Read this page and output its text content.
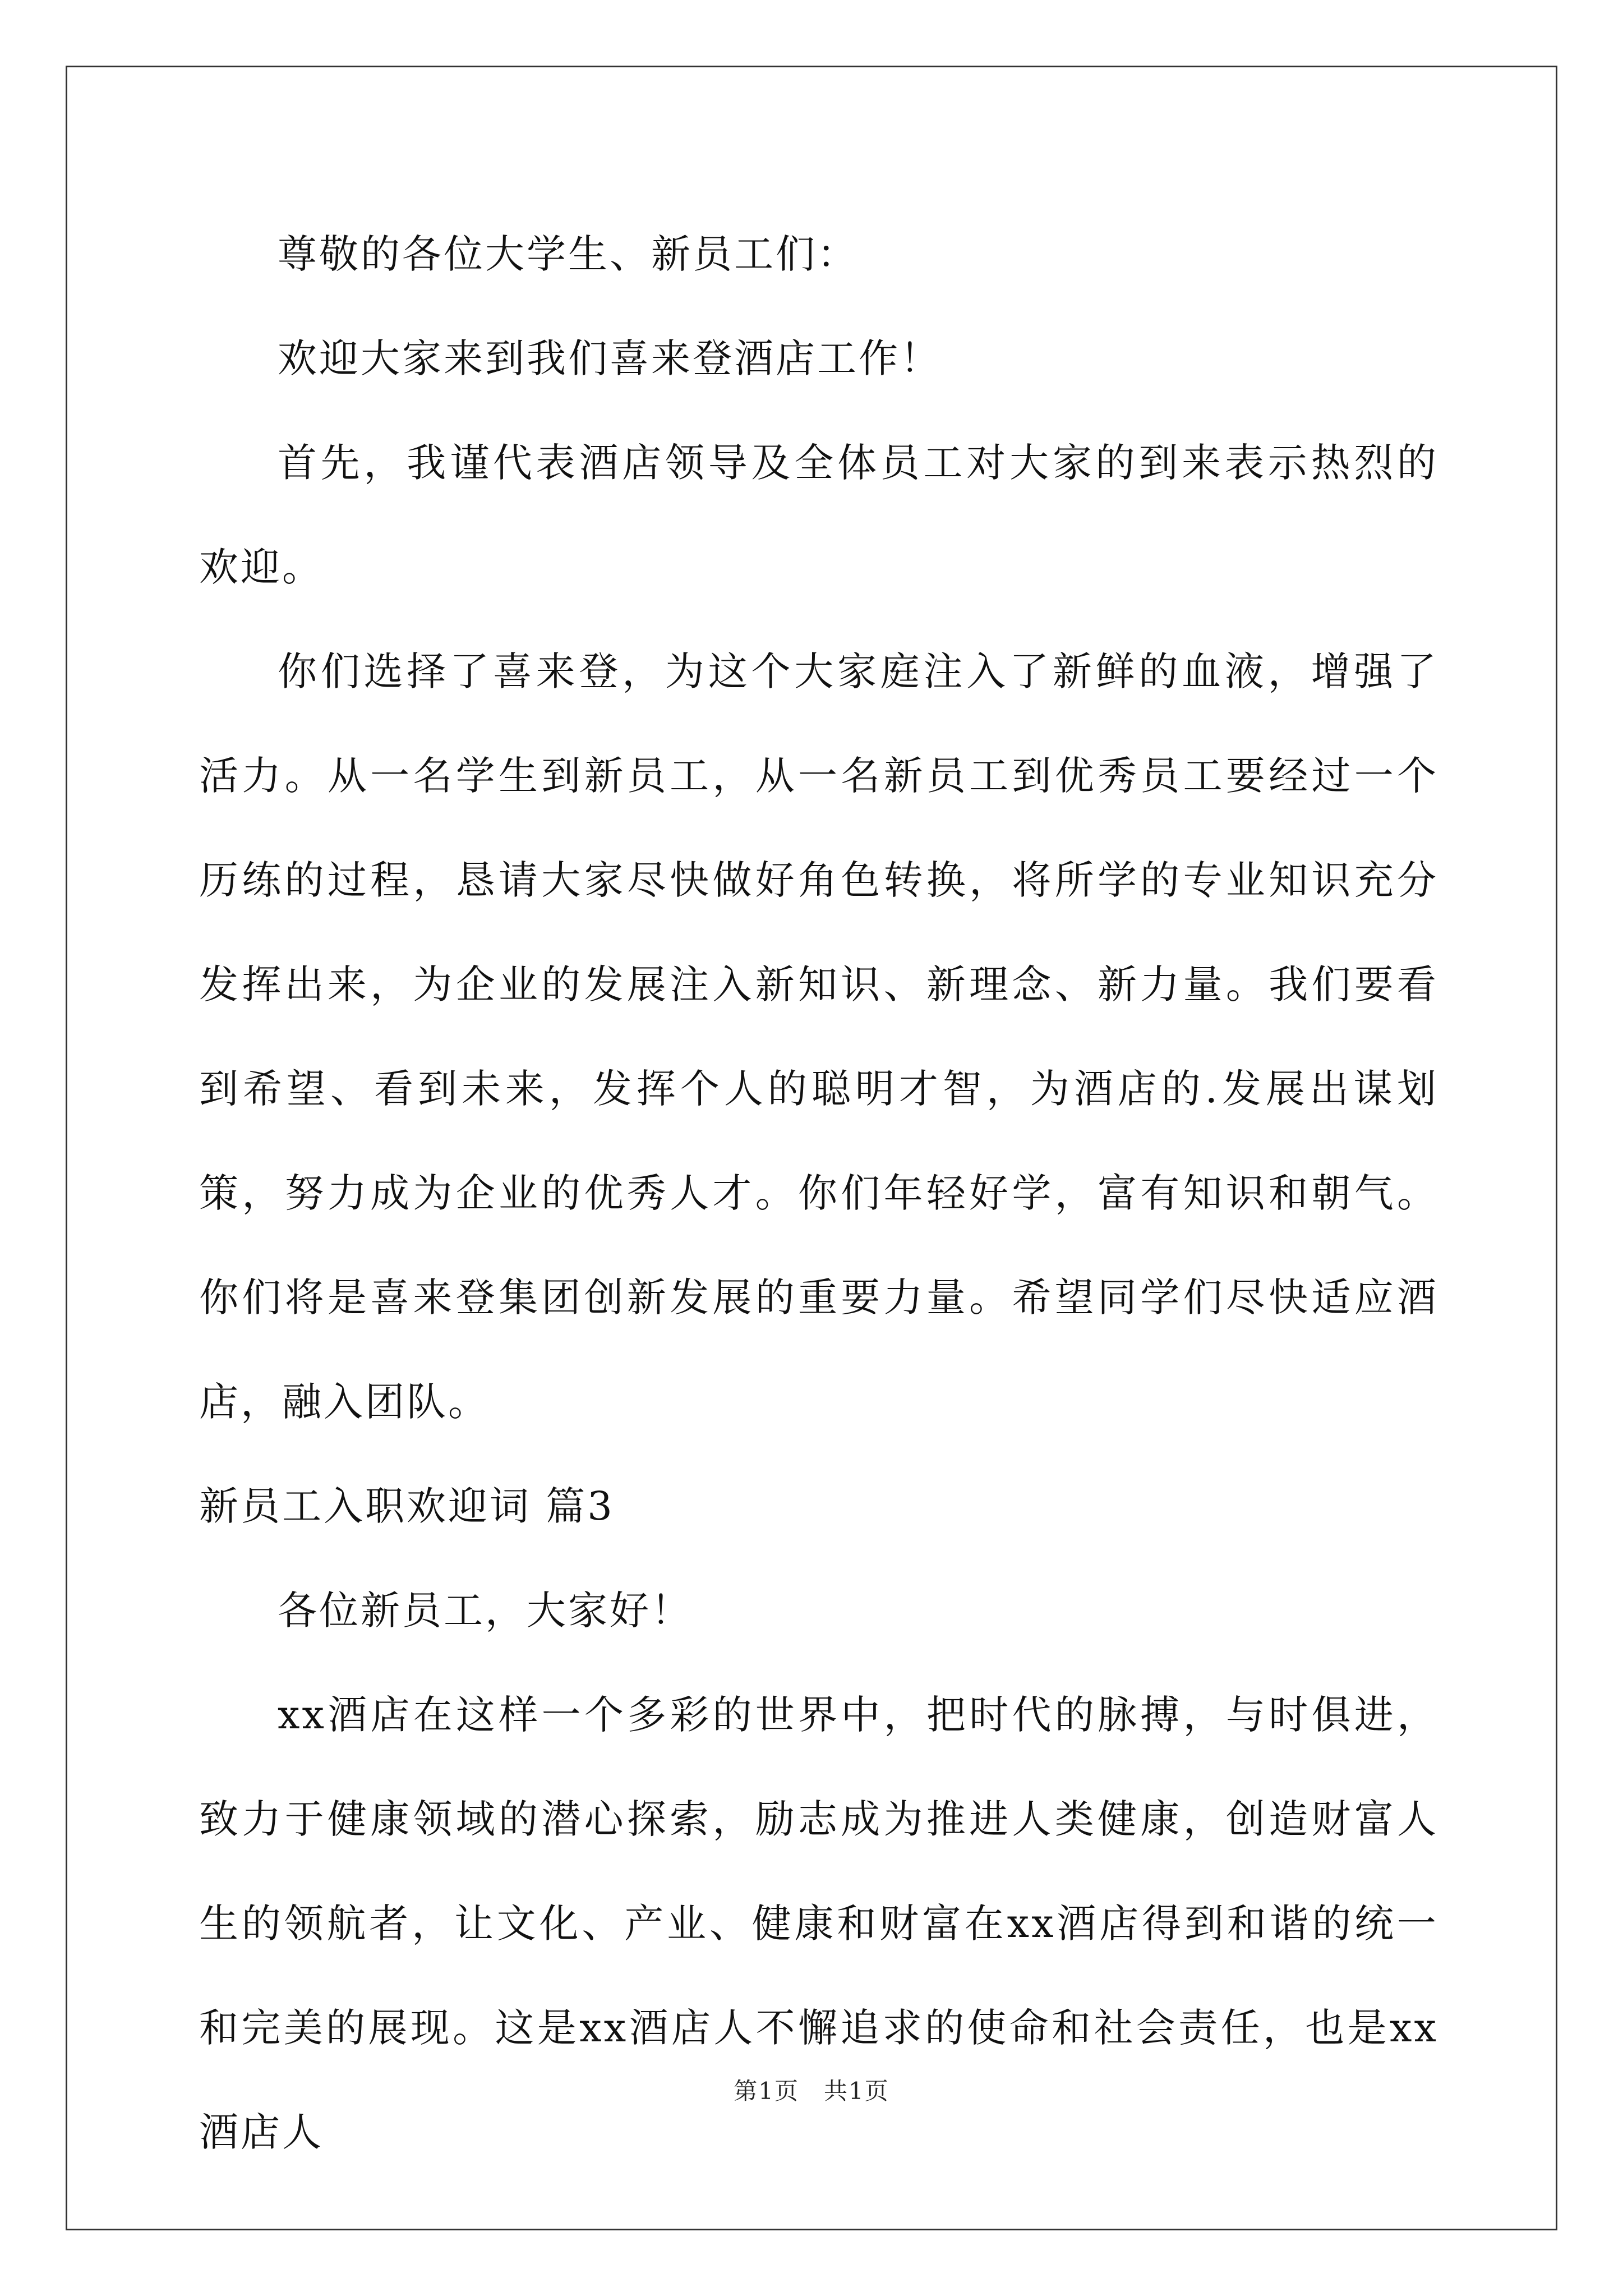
尊敬的各位大学生、新员工们：

欢迎大家来到我们喜来登酒店工作！

首先，我谨代表酒店领导及全体员工对大家的到来表示热烈的欢迎。

你们选择了喜来登，为这个大家庭注入了新鲜的血液，增强了活力。从一名学生到新员工，从一名新员工到优秀员工要经过一个历练的过程，恳请大家尽快做好角色转换，将所学的专业知识充分发挥出来，为企业的发展注入新知识、新理念、新力量。我们要看到希望、看到未来，发挥个人的聪明才智，为酒店的.发展出谋划策，努力成为企业的优秀人才。你们年轻好学，富有知识和朝气。你们将是喜来登集团创新发展的重要力量。希望同学们尽快适应酒店，融入团队。

新员工入职欢迎词 篇3

各位新员工，大家好！

xx酒店在这样一个多彩的世界中，把时代的脉搏，与时俱进，致力于健康领域的潜心探索，励志成为推进人类健康，创造财富人生的领航者，让文化、产业、健康和财富在xx酒店得到和谐的统一和完美的展现。这是xx酒店人不懈追求的使命和社会责任，也是xx酒店人

第1页　共1页
